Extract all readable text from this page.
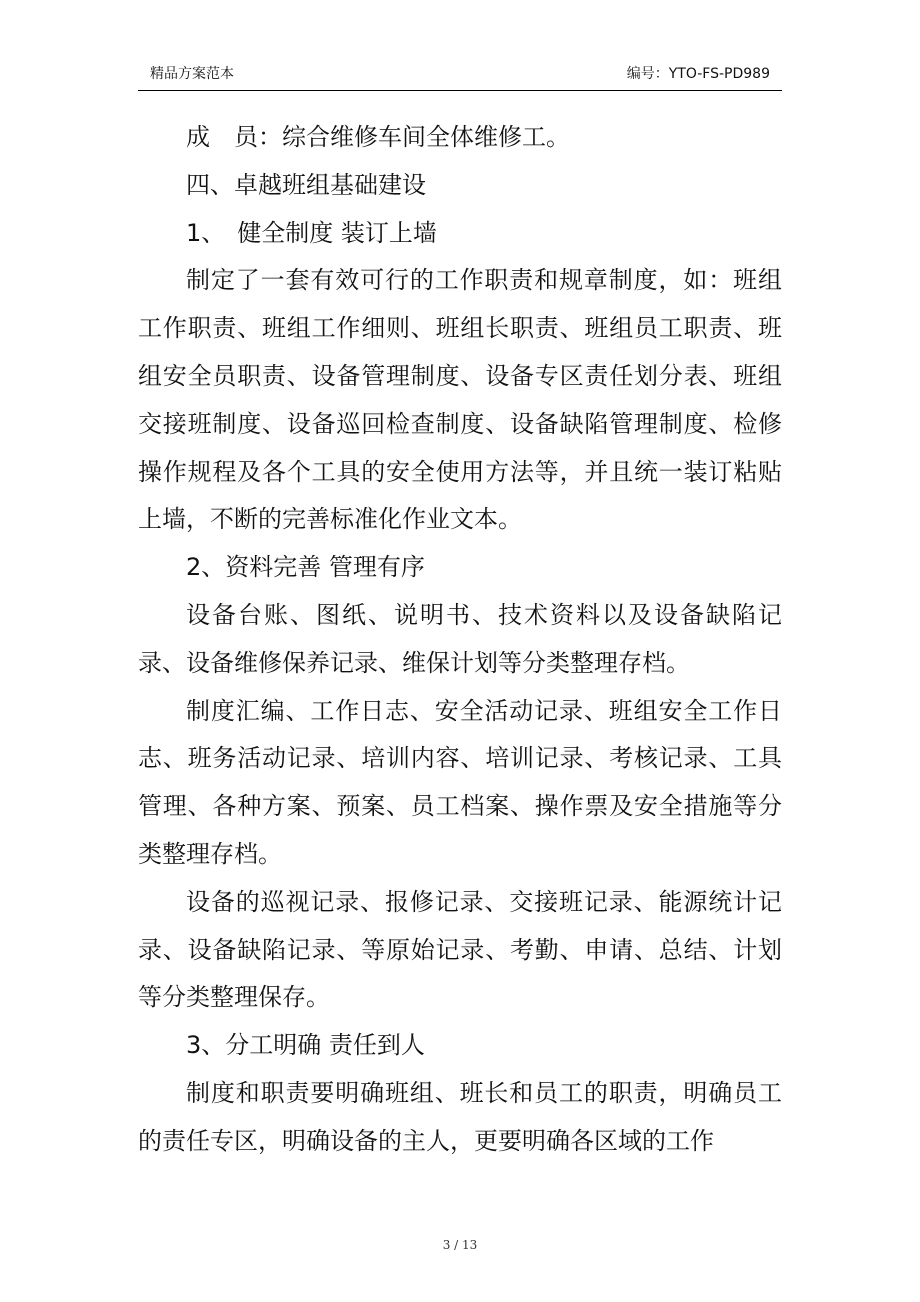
精品方案范本	编号：YTO-FS-PD989

成　员：综合维修车间全体维修工。

四、卓越班组基础建设

1、　健全制度 装订上墙

制定了一套有效可行的工作职责和规章制度，如：班组工作职责、班组工作细则、班组长职责、班组员工职责、班组安全员职责、设备管理制度、设备专区责任划分表、班组交接班制度、设备巡回检查制度、设备缺陷管理制度、检修操作规程及各个工具的安全使用方法等，并且统一装订粘贴上墙，不断的完善标准化作业文本。

2、资料完善 管理有序

设备台账、图纸、说明书、技术资料以及设备缺陷记录、设备维修保养记录、维保计划等分类整理存档。

制度汇编、工作日志、安全活动记录、班组安全工作日志、班务活动记录、培训内容、培训记录、考核记录、工具管理、各种方案、预案、员工档案、操作票及安全措施等分类整理存档。

设备的巡视记录、报修记录、交接班记录、能源统计记录、设备缺陷记录、等原始记录、考勤、申请、总结、计划等分类整理保存。

3、分工明确 责任到人

制度和职责要明确班组、班长和员工的职责，明确员工的责任专区，明确设备的主人，更要明确各区域的工作

3 / 13
